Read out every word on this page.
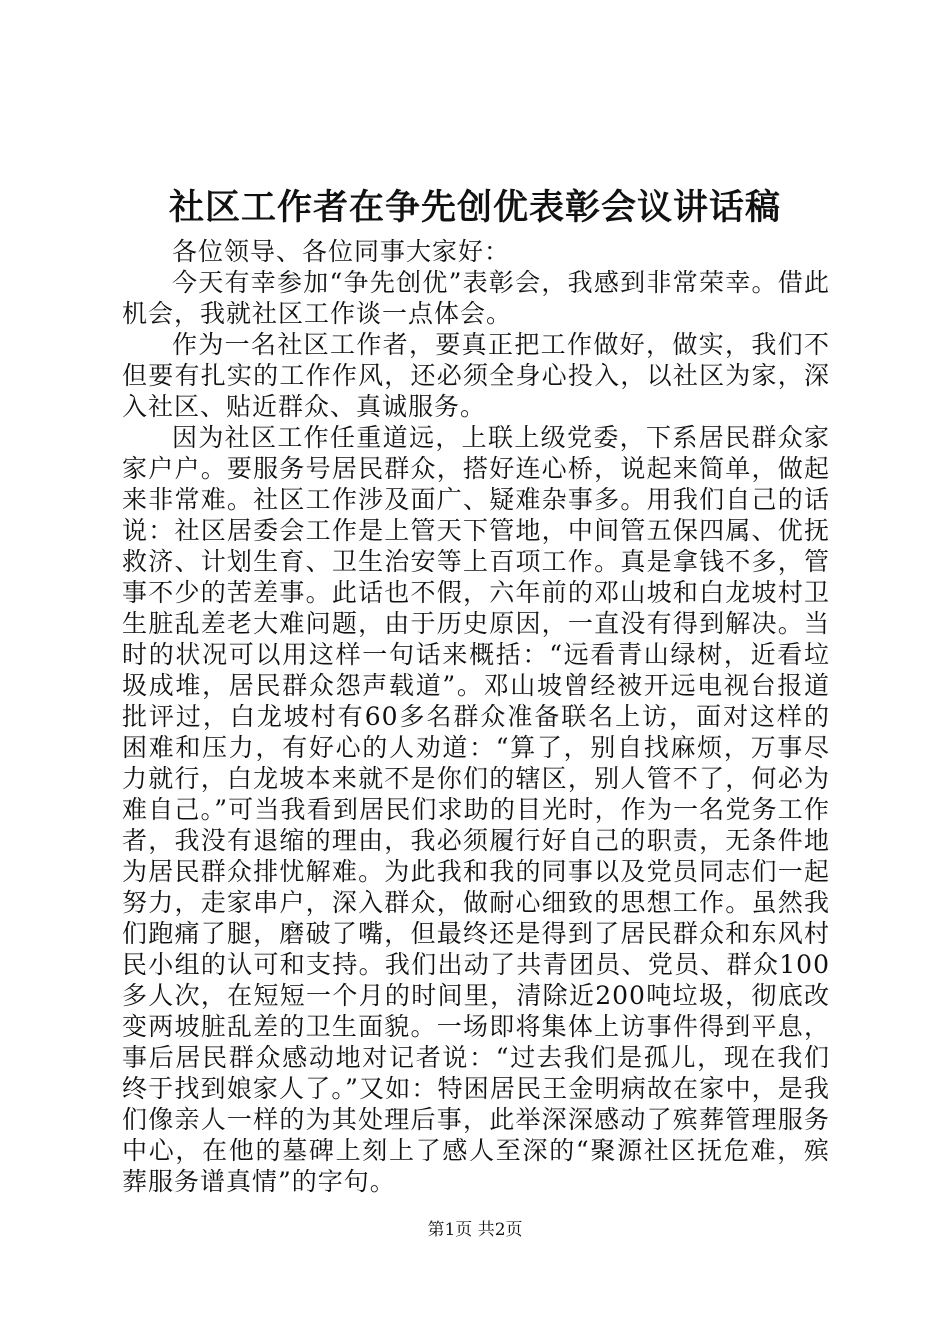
社区工作者在争先创优表彰会议讲话稿

各位领导、各位同事大家好：

今天有幸参加“争先创优”表彰会，我感到非常荣幸。借此机会，我就社区工作谈一点体会。

作为一名社区工作者，要真正把工作做好，做实，我们不但要有扎实的工作作风，还必须全身心投入，以社区为家，深入社区、贴近群众、真诚服务。

因为社区工作任重道远，上联上级党委，下系居民群众家家户户。要服务号居民群众，搭好连心桥，说起来简单，做起来非常难。社区工作涉及面广、疑难杂事多。用我们自己的话说：社区居委会工作是上管天下管地，中间管五保四属、优抚救济、计划生育、卫生治安等上百项工作。真是拿钱不多，管事不少的苦差事。此话也不假，六年前的邓山坡和白龙坡村卫生脏乱差老大难问题，由于历史原因，一直没有得到解决。当时的状况可以用这样一句话来概括：“远看青山绿树，近看垃圾成堆，居民群众怨声载道”。邓山坡曾经被开远电视台报道批评过，白龙坡村有60多名群众准备联名上访，面对这样的困难和压力，有好心的人劝道：“算了，别自找麻烦，万事尽力就行，白龙坡本来就不是你们的辖区，别人管不了，何必为难自己。”可当我看到居民们求助的目光时，作为一名党务工作者，我没有退缩的理由，我必须履行好自己的职责，无条件地为居民群众排忧解难。为此我和我的同事以及党员同志们一起努力，走家串户，深入群众，做耐心细致的思想工作。虽然我们跑痛了腿，磨破了嘴，但最终还是得到了居民群众和东风村民小组的认可和支持。我们出动了共青团员、党员、群众100多人次，在短短一个月的时间里，清除近200吨垃圾，彻底改变两坡脏乱差的卫生面貌。一场即将集体上访事件得到平息，事后居民群众感动地对记者说：“过去我们是孤儿，现在我们终于找到娘家人了。”又如：特困居民王金明病故在家中，是我们像亲人一样的为其处理后事，此举深深感动了殡葬管理服务中心，在他的墓碑上刻上了感人至深的“聚源社区抚危难，殡葬服务谱真情”的字句。

第1页 共2页
